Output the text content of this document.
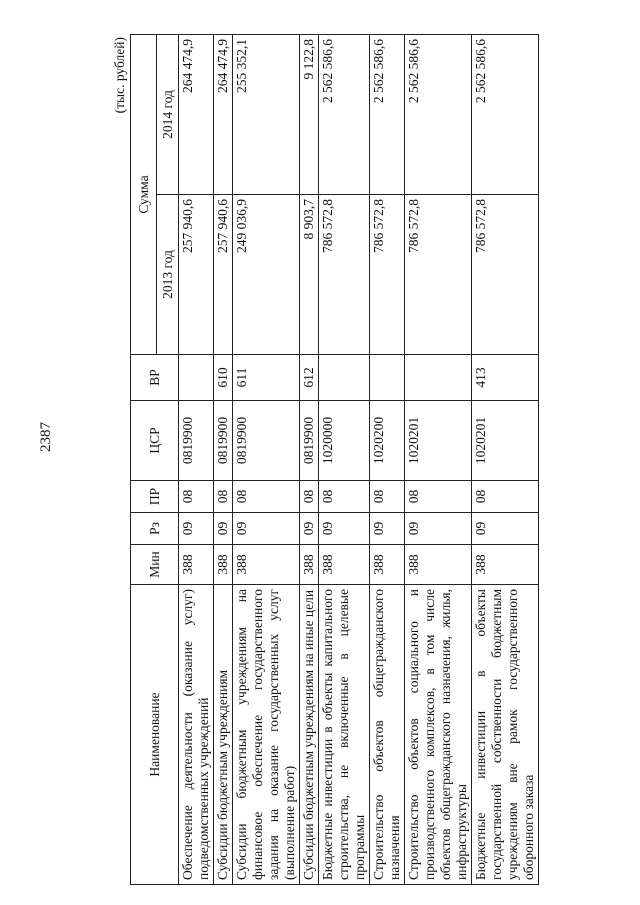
2387
(тыс. рублей)
Наименование	Мин	Рз	ПР	ЦСР	ВР	Сумма	
						2013 год	2014 год
Обеспечение деятельности (оказание услуг) подведомственных учреждений	388	09	08	0819900		257 940,6	264 474,9
Субсидии бюджетным учреждениям	388	09	08	0819900	610	257 940,6	264 474,9
Субсидии бюджетным учреждениям на финансовое обеспечение государственного задания на оказание государственных услуг (выполнение работ)	388	09	08	0819900	611	249 036,9	255 352,1
Субсидии бюджетным учреждениям на иные цели	388	09	08	0819900	612	8 903,7	9 122,8
Бюджетные инвестиции в объекты капитального строительства, не включенные в целевые программы	388	09	08	1020000		786 572,8	2 562 586,6
Строительство объектов общегражданского назначения	388	09	08	1020200		786 572,8	2 562 586,6
Строительство объектов социального и производственного комплексов, в том числе объектов общегражданского назначения, жилья, инфраструктуры	388	09	08	1020201		786 572,8	2 562 586,6
Бюджетные инвестиции в объекты государственной собственности бюджетным учреждениям вне рамок государственного оборонного заказа	388	09	08	1020201	413	786 572,8	2 562 586,6
